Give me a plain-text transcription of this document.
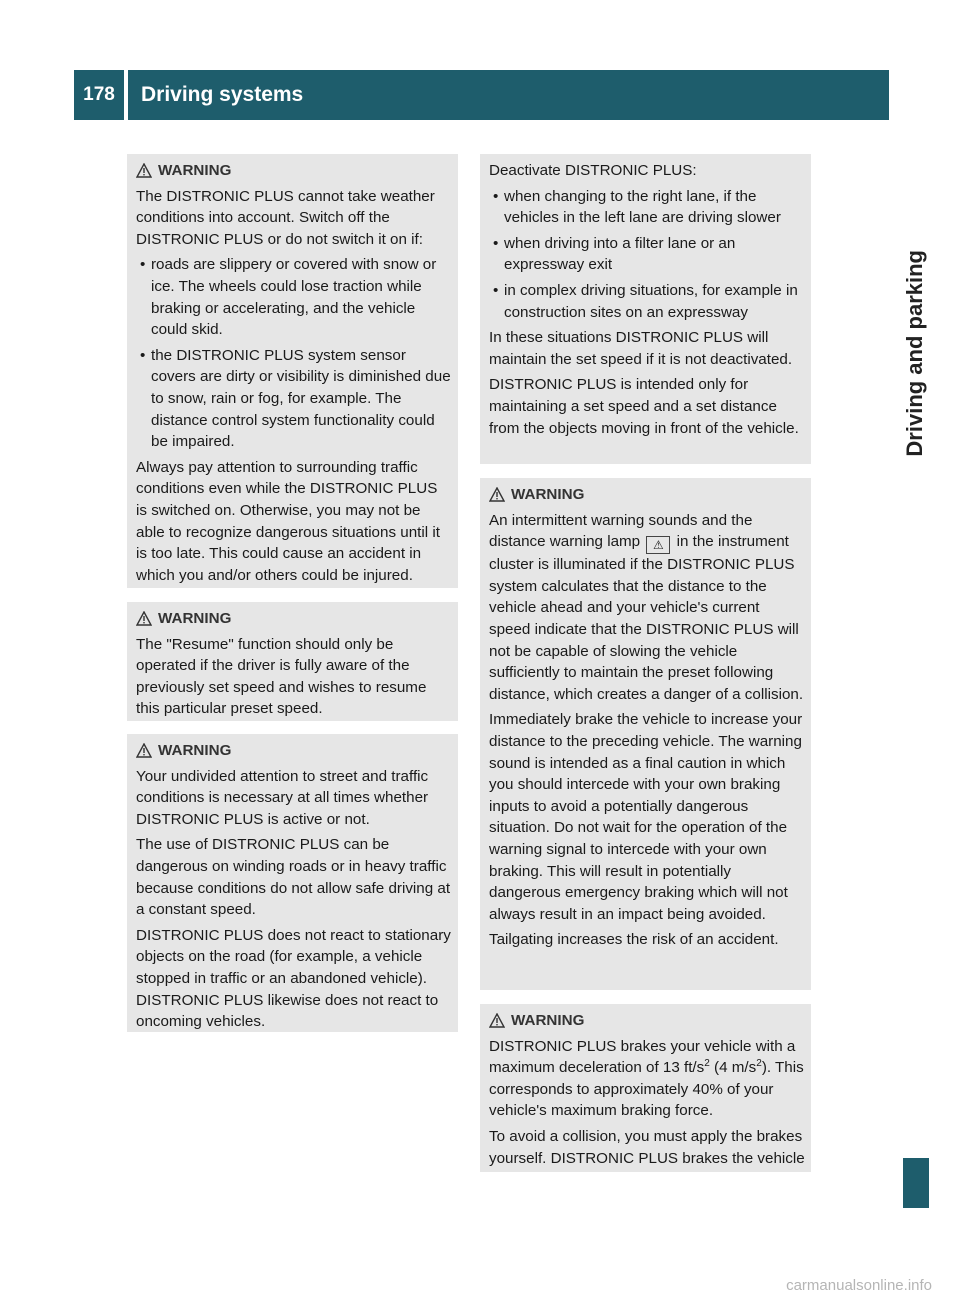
178	Driving systems
Driving and parking
WARNING

The DISTRONIC PLUS cannot take weather conditions into account. Switch off the DISTRONIC PLUS or do not switch it on if:

• roads are slippery or covered with snow or ice. The wheels could lose traction while braking or accelerating, and the vehicle could skid.
• the DISTRONIC PLUS system sensor covers are dirty or visibility is diminished due to snow, rain or fog, for example. The distance control system functionality could be impaired.

Always pay attention to surrounding traffic conditions even while the DISTRONIC PLUS is switched on. Otherwise, you may not be able to recognize dangerous situations until it is too late. This could cause an accident in which you and/or others could be injured.

WARNING

The "Resume" function should only be operated if the driver is fully aware of the previously set speed and wishes to resume this particular preset speed.

WARNING

Your undivided attention to street and traffic conditions is necessary at all times whether DISTRONIC PLUS is active or not.

The use of DISTRONIC PLUS can be dangerous on winding roads or in heavy traffic because conditions do not allow safe driving at a constant speed.

DISTRONIC PLUS does not react to stationary objects on the road (for example, a vehicle stopped in traffic or an abandoned vehicle). DISTRONIC PLUS likewise does not react to oncoming vehicles.

Deactivate DISTRONIC PLUS:

• when changing to the right lane, if the vehicles in the left lane are driving slower
• when driving into a filter lane or an expressway exit
• in complex driving situations, for example in construction sites on an expressway

In these situations DISTRONIC PLUS will maintain the set speed if it is not deactivated.

DISTRONIC PLUS is intended only for maintaining a set speed and a set distance from the objects moving in front of the vehicle.

WARNING

An intermittent warning sounds and the distance warning lamp ⚠ in the instrument cluster is illuminated if the DISTRONIC PLUS system calculates that the distance to the vehicle ahead and your vehicle's current speed indicate that the DISTRONIC PLUS will not be capable of slowing the vehicle sufficiently to maintain the preset following distance, which creates a danger of a collision.

Immediately brake the vehicle to increase your distance to the preceding vehicle. The warning sound is intended as a final caution in which you should intercede with your own braking inputs to avoid a potentially dangerous situation. Do not wait for the operation of the warning signal to intercede with your own braking. This will result in potentially dangerous emergency braking which will not always result in an impact being avoided.

Tailgating increases the risk of an accident.

WARNING

DISTRONIC PLUS brakes your vehicle with a maximum deceleration of 13 $ft/s^2$ (4 $m/s^2$). This corresponds to approximately 40% of your vehicle's maximum braking force.

To avoid a collision, you must apply the brakes yourself. DISTRONIC PLUS brakes the vehicle

carmanualsonline.info
